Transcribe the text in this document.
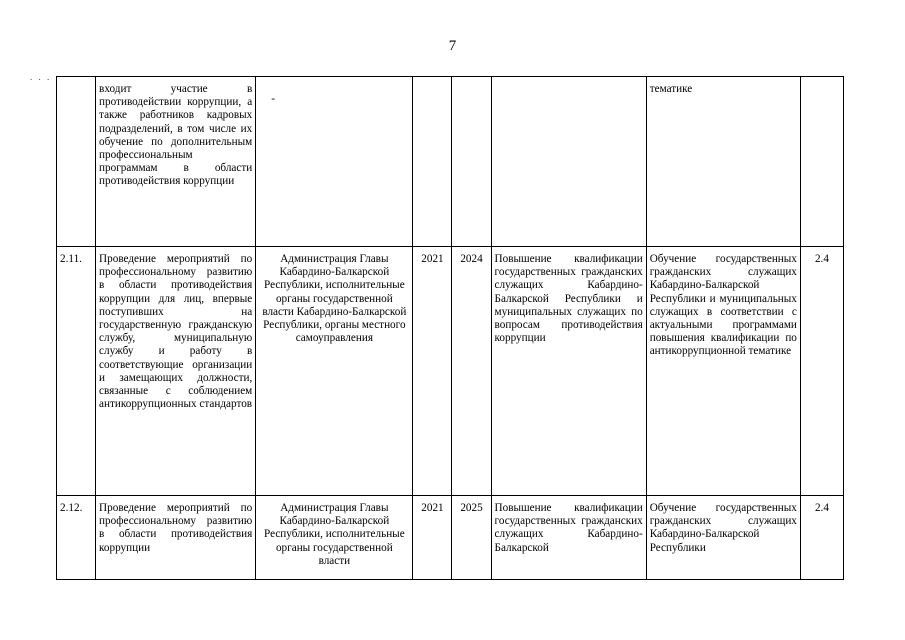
7
. . .
	входит участие в противодействии коррупции, а также работников кадровых подразделений, в том числе их обучение по дополнительным профессиональным программам в области противодействия коррупции	-				тематике	
2.11.	Проведение мероприятий по профессиональному развитию в области противодействия коррупции для лиц, впервые поступивших на государственную гражданскую службу, муниципальную службу и работу в соответствующие организации и замещающих должности, связанные с соблюдением антикоррупционных стандартов	Администрация Главы Кабардино-Балкарской Республики, исполнительные органы государственной власти Кабардино-Балкарской Республики, органы местного самоуправления	2021	2024	Повышение квалификации государственных гражданских служащих Кабардино-Балкарской Республики и муниципальных служащих по вопросам противодействия коррупции	Обучение государственных гражданских служащих Кабардино-Балкарской Республики и муниципальных служащих в соответствии с актуальными программами повышения квалификации по антикоррупционной тематике	2.4
2.12.	Проведение мероприятий по профессиональному развитию в области противодействия коррупции	Администрация Главы Кабардино-Балкарской Республики, исполнительные органы государственной власти	2021	2025	Повышение квалификации государственных гражданских служащих Кабардино-Балкарской	Обучение государственных гражданских служащих Кабардино-Балкарской Республики	2.4
